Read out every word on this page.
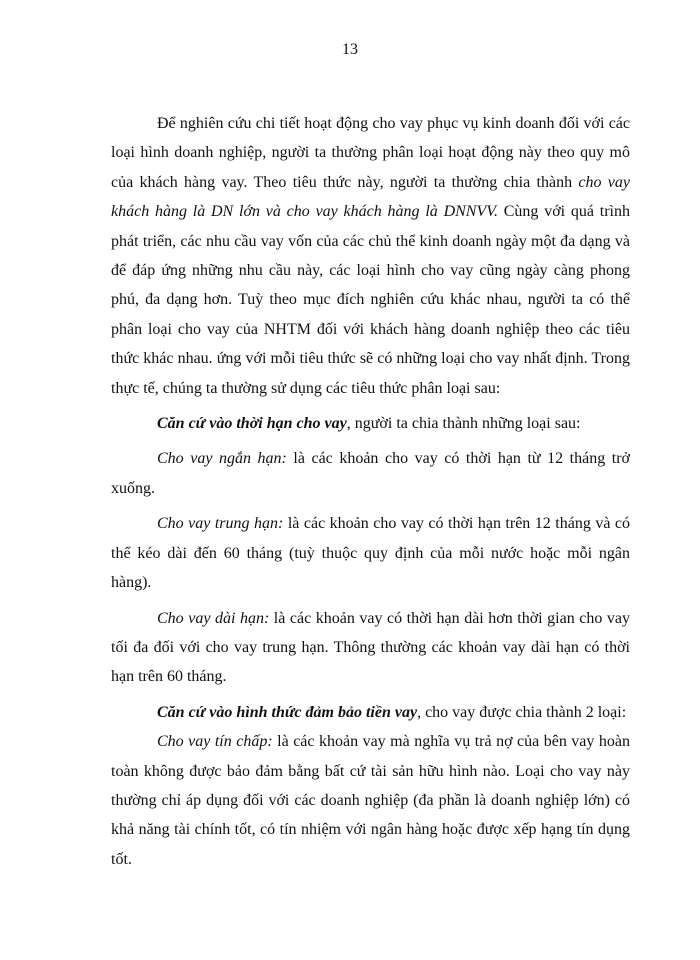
13

Để nghiên cứu chi tiết hoạt động cho vay phục vụ kinh doanh đối với các loại hình doanh nghiệp, người ta thường phân loại hoạt động này theo quy mô của khách hàng vay. Theo tiêu thức này, người ta thường chia thành cho vay khách hàng là DN lớn và cho vay khách hàng là DNNVV. Cùng với quá trình phát triển, các nhu cầu vay vốn của các chủ thể kinh doanh ngày một đa dạng và để đáp ứng những nhu cầu này, các loại hình cho vay cũng ngày càng phong phú, đa dạng hơn. Tuỳ theo mục đích nghiên cứu khác nhau, người ta có thể phân loại cho vay của NHTM đối với khách hàng doanh nghiệp theo các tiêu thức khác nhau. ứng với mỗi tiêu thức sẽ có những loại cho vay nhất định. Trong thực tế, chúng ta thường sử dụng các tiêu thức phân loại sau:

Căn cứ vào thời hạn cho vay, người ta chia thành những loại sau:

Cho vay ngắn hạn: là các khoản cho vay có thời hạn từ 12 tháng trở xuống.

Cho vay trung hạn: là các khoản cho vay có thời hạn trên 12 tháng và có thể kéo dài đến 60 tháng (tuỳ thuộc quy định của mỗi nước hoặc mỗi ngân hàng).

Cho vay dài hạn: là các khoản vay có thời hạn dài hơn thời gian cho vay tối đa đối với cho vay trung hạn. Thông thường các khoản vay dài hạn có thời hạn trên 60 tháng.

Căn cứ vào hình thức đảm bảo tiền vay, cho vay được chia thành 2 loại:

Cho vay tín chấp: là các khoản vay mà nghĩa vụ trả nợ của bên vay hoàn toàn không được bảo đảm bằng bất cứ tài sản hữu hình nào. Loại cho vay này thường chỉ áp dụng đối với các doanh nghiệp (đa phần là doanh nghiệp lớn) có khả năng tài chính tốt, có tín nhiệm với ngân hàng hoặc được xếp hạng tín dụng tốt.
